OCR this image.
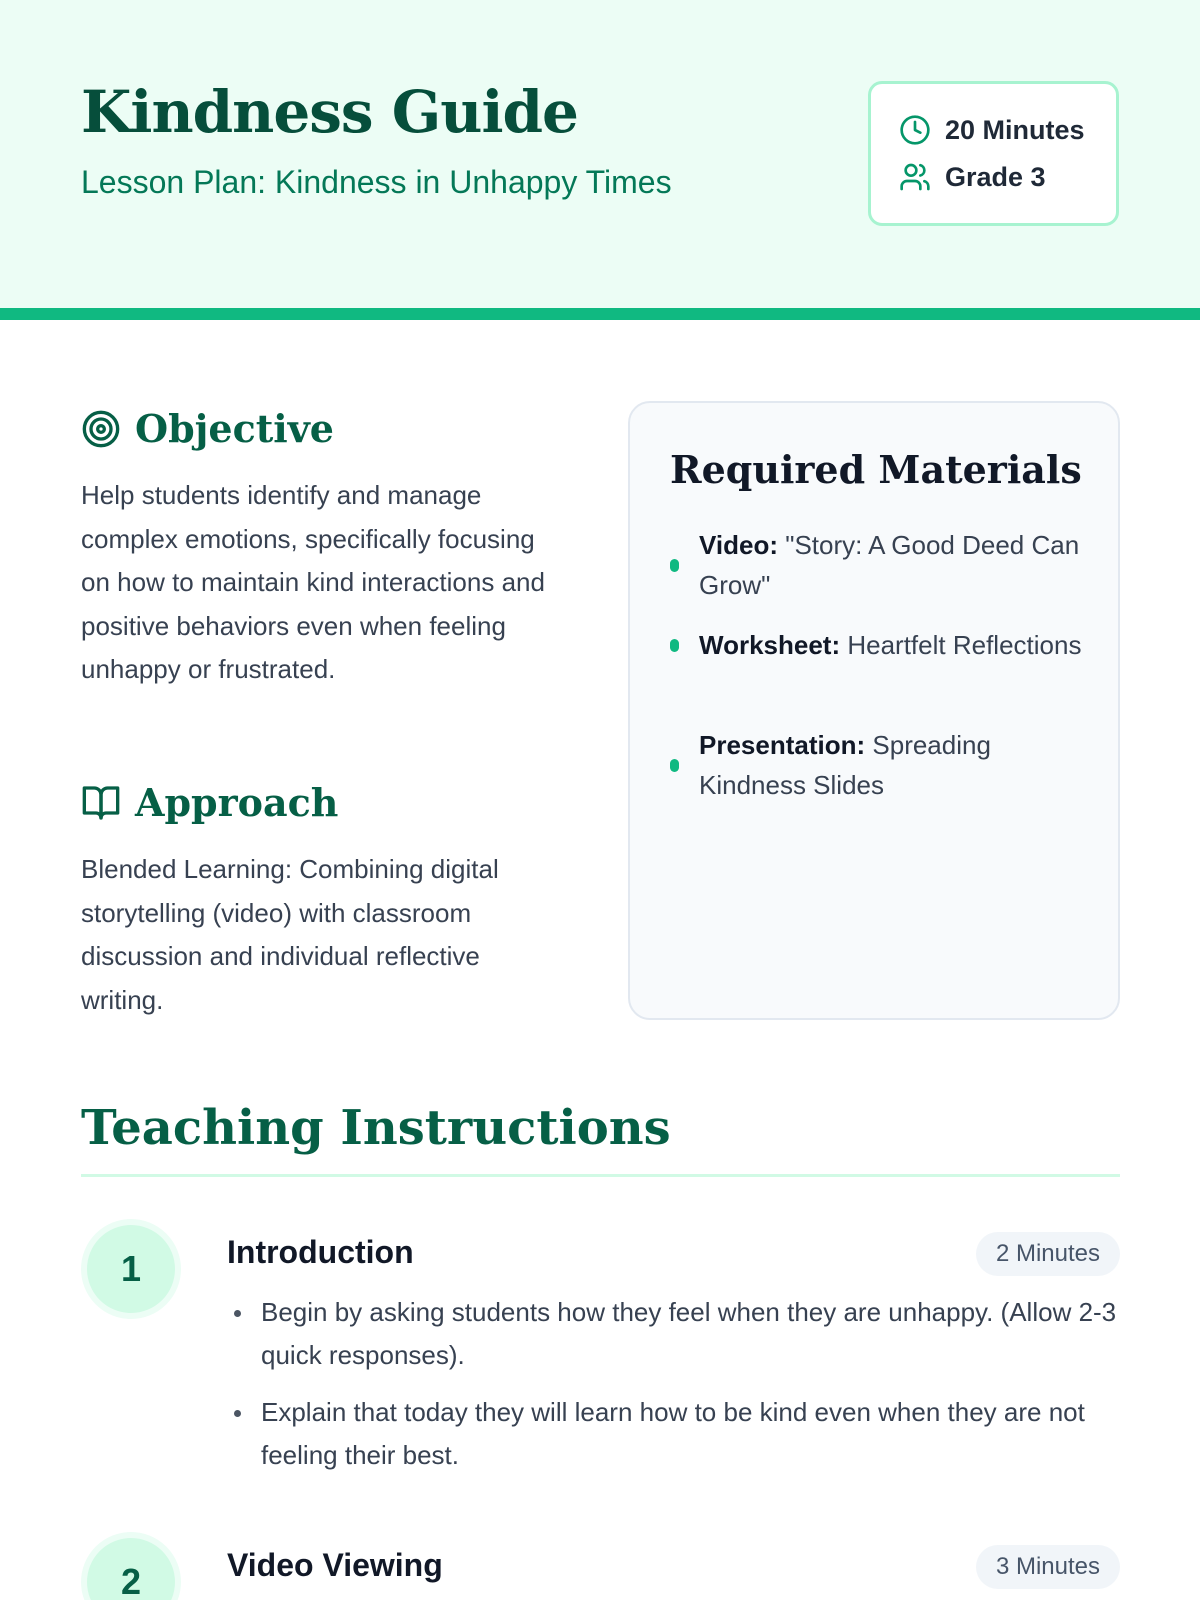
Kindness Guide
Lesson Plan: Kindness in Unhappy Times
20 Minutes
Grade 3
Objective
Help students identify and manage complex emotions, specifically focusing on how to maintain kind interactions and positive behaviors even when feeling unhappy or frustrated.
Approach
Blended Learning: Combining digital storytelling (video) with classroom discussion and individual reflective writing.
Required Materials
Video: "Story: A Good Deed Can Grow"
Worksheet: Heartfelt Reflections
Presentation: Spreading Kindness Slides
Teaching Instructions
1	Introduction	2 Minutes
Begin by asking students how they feel when they are unhappy. (Allow 2-3 quick responses).
Explain that today they will learn how to be kind even when they are not feeling their best.
2	Video Viewing	3 Minutes
